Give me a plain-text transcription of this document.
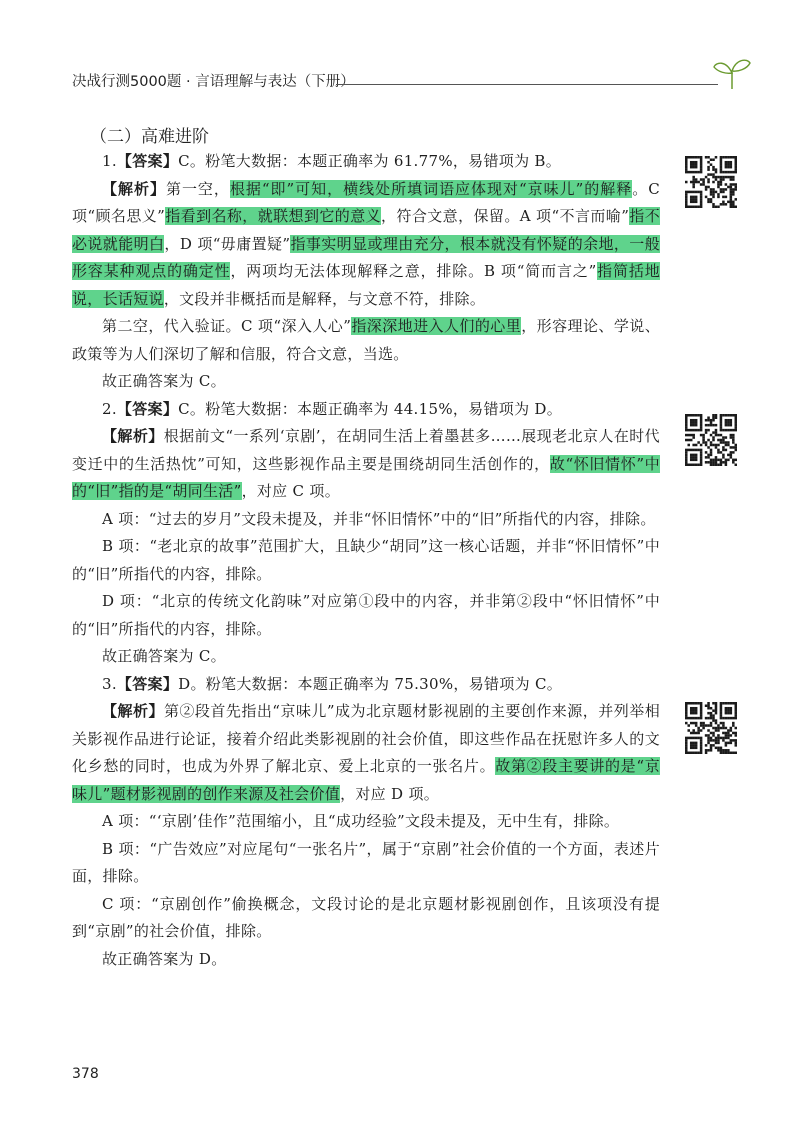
决战行测5000题 · 言语理解与表达（下册）
（二）高难进阶

1.【答案】C。粉笔大数据：本题正确率为 61.77%，易错项为 B。

【解析】第一空，根据“即”可知，横线处所填词语应体现对“京味儿”的解释。C 项“顾名思义”指看到名称，就联想到它的意义，符合文意，保留。A 项“不言而喻”指不必说就能明白，D 项“毋庸置疑”指事实明显或理由充分，根本就没有怀疑的余地，一般形容某种观点的确定性，两项均无法体现解释之意，排除。B 项“简而言之”指简括地说，长话短说，文段并非概括而是解释，与文意不符，排除。

第二空，代入验证。C 项“深入人心”指深深地进入人们的心里，形容理论、学说、政策等为人们深切了解和信服，符合文意，当选。

故正确答案为 C。

2.【答案】C。粉笔大数据：本题正确率为 44.15%，易错项为 D。

【解析】根据前文“一系列‘京剧’，在胡同生活上着墨甚多……展现老北京人在时代变迁中的生活热忱”可知，这些影视作品主要是围绕胡同生活创作的，故“怀旧情怀”中的“旧”指的是“胡同生活”，对应 C 项。

A 项：“过去的岁月”文段未提及，并非“怀旧情怀”中的“旧”所指代的内容，排除。

B 项：“老北京的故事”范围扩大，且缺少“胡同”这一核心话题，并非“怀旧情怀”中的“旧”所指代的内容，排除。

D 项：“北京的传统文化韵味”对应第①段中的内容，并非第②段中“怀旧情怀”中的“旧”所指代的内容，排除。

故正确答案为 C。

3.【答案】D。粉笔大数据：本题正确率为 75.30%，易错项为 C。

【解析】第②段首先指出“京味儿”成为北京题材影视剧的主要创作来源，并列举相关影视作品进行论证，接着介绍此类影视剧的社会价值，即这些作品在抚慰许多人的文化乡愁的同时，也成为外界了解北京、爱上北京的一张名片。故第②段主要讲的是“京味儿”题材影视剧的创作来源及社会价值，对应 D 项。

A 项：“‘京剧’佳作”范围缩小，且“成功经验”文段未提及，无中生有，排除。

B 项：“广告效应”对应尾句“一张名片”，属于“京剧”社会价值的一个方面，表述片面，排除。

C 项：“京剧创作”偷换概念，文段讨论的是北京题材影视剧创作，且该项没有提到“京剧”的社会价值，排除。

故正确答案为 D。

378
